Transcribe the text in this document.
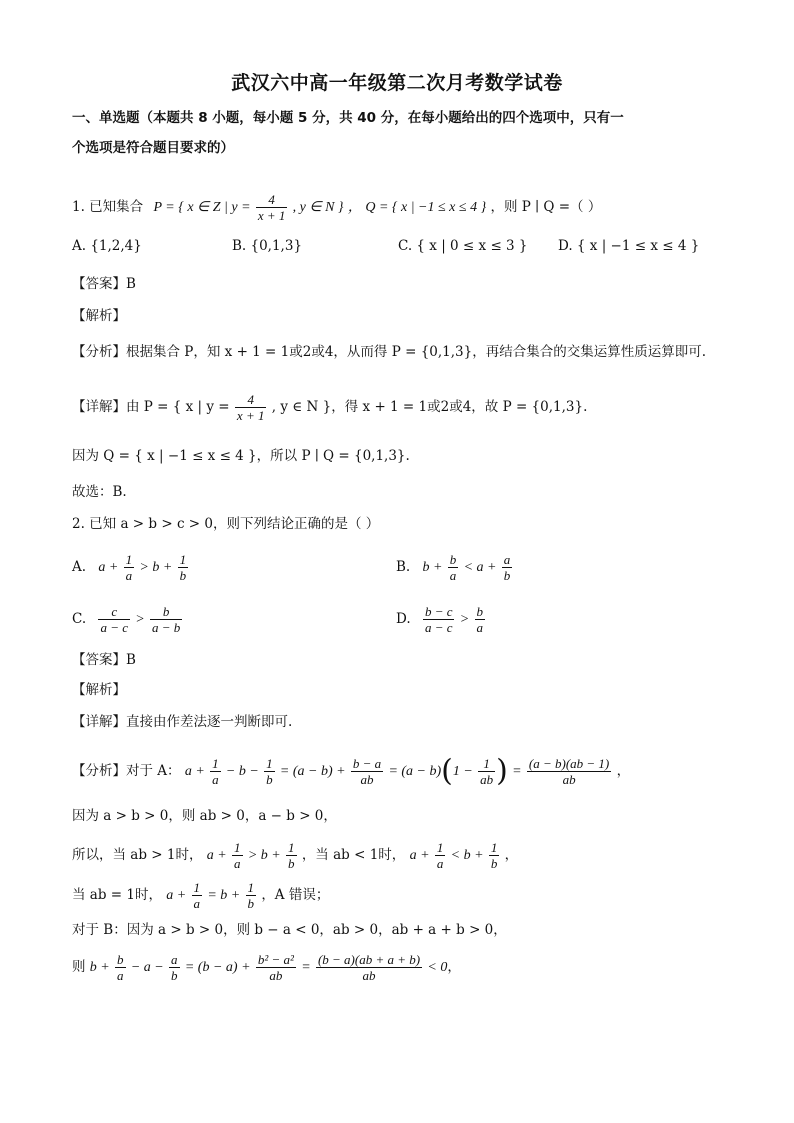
武汉六中高一年级第二次月考数学试卷
一、单选题（本题共 8 小题，每小题 5 分，共 40 分，在每小题给出的四个选项中，只有一
个选项是符合题目要求的）
1. 已知集合 P = { x ∈ Z | $y = \frac{4}{x + 1}$ , y ∈ N } ， Q = { x | −1 ≤ x ≤ 4 } ，则 P ∣ Q =（ ）
A. {1,2,4}	B. {0,1,3}	C. { x | 0 ≤ x ≤ 3 } D. { x | −1 ≤ x ≤ 4 }
【答案】B
【解析】
【分析】根据集合 P，知 x + 1 = 1或2或4，从而得 P = {0,1,3}，再结合集合的交集运算性质运算即可.
【详解】由 P = { x | $y = \frac{4}{x + 1}$ , y ∈ N }，得 x + 1 = 1或2或4，故 P = {0,1,3}.
因为 Q = { x | −1 ≤ x ≤ 4 }，所以 P ∣ Q = {0,1,3}.
故选：B.
2. 已知 a > b > c > 0，则下列结论正确的是（ ）
A. $a + \frac{1}{a} > b + \frac{1}{b}$	B. $b + \frac{b}{a} < a + \frac{a}{b}$
C. $\frac{c}{a - c} > \frac{b}{a - b}$	D. $\frac{b - c}{a - c} > \frac{b}{a}$
【答案】B
【解析】
【详解】直接由作差法逐一判断即可.
【分析】对于 A： $a + \frac{1}{a} - b - \frac{1}{b} = (a - b) + \frac{b - a}{ab} = (a - b)(1 - \frac{1}{ab}$ ) = $\frac{(a - b)(ab - 1)}{ab}$ ，
因为 a > b > 0，则 ab > 0，a − b > 0，
所以，当 ab > 1时， $a + \frac{1}{a} > b + \frac{1}{b}$ ，当 ab < 1时， $a + \frac{1}{a} < b + \frac{1}{b}$ ，
当 ab = 1时， $a + \frac{1}{a} = b + \frac{1}{b}$ ，A 错误；
对于 B：因为 a > b > 0，则 b − a < 0，ab > 0，ab + a + b > 0，
则 $b + \frac{b}{a} - a - \frac{a}{b} = (b - a) + \frac{\text{b² − a²}}{ab} = \frac{(b - a)(ab + a + b)}{ab} < 0$，
